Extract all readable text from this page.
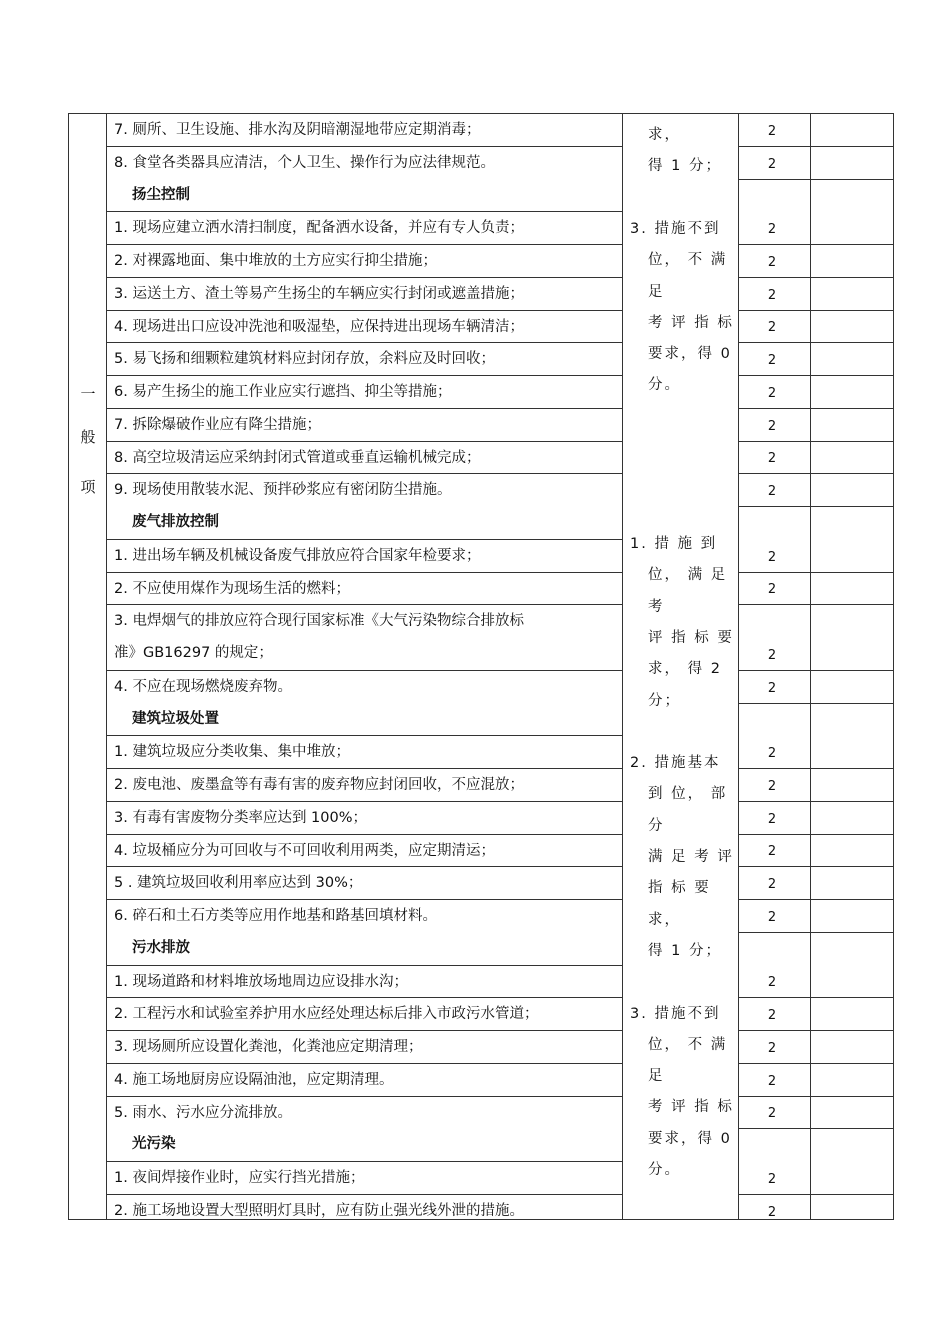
7. 厕所、卫生设施、排水沟及阴暗潮湿地带应定期消毒；
8. 食堂各类器具应清洁，个人卫生、操作行为应法律规范。
扬尘控制
1. 现场应建立洒水清扫制度，配备洒水设备，并应有专人负责；
2. 对裸露地面、集中堆放的土方应实行抑尘措施；
3. 运送土方、渣土等易产生扬尘的车辆应实行封闭或遮盖措施；
4. 现场进出口应设冲洗池和吸湿垫，应保持进出现场车辆清洁；
5. 易飞扬和细颗粒建筑材料应封闭存放，余料应及时回收；
6. 易产生扬尘的施工作业应实行遮挡、抑尘等措施；
7. 拆除爆破作业应有降尘措施；
8. 高空垃圾清运应采纳封闭式管道或垂直运输机械完成；
9. 现场使用散装水泥、预拌砂浆应有密闭防尘措施。
废气排放控制
1. 进出场车辆及机械设备废气排放应符合国家年检要求；
2. 不应使用煤作为现场生活的燃料；
3. 电焊烟气的排放应符合现行国家标准《大气污染物综合排放标
准》GB16297 的规定；
4. 不应在现场燃烧废弃物。
建筑垃圾处置
1. 建筑垃圾应分类收集、集中堆放；
2. 废电池、废墨盒等有毒有害的废弃物应封闭回收，不应混放；
3. 有毒有害废物分类率应达到 100%；
4. 垃圾桶应分为可回收与不可回收利用两类，应定期清运；
5 . 建筑垃圾回收利用率应达到 30%；
6. 碎石和土石方类等应用作地基和路基回填材料。
污水排放
1. 现场道路和材料堆放场地周边应设排水沟；
2. 工程污水和试验室养护用水应经处理达标后排入市政污水管道；
3. 现场厕所应设置化粪池，化粪池应定期清理；
4. 施工场地厨房应设隔油池，应定期清理。
5. 雨水、污水应分流排放。
光污染
1. 夜间焊接作业时，应实行挡光措施；
2. 施工场地设置大型照明灯具时，应有防止强光线外泄的措施。
2
2
2
2
2
2
2
2
2
2
2
2
2
2
2
2
2
2
2
2
2
2
2
2
2
2
2
2
一
般
项
求，
得 1 分；
3. 措施不到
位， 不 满
足
考 评 指 标
要求，得 0
分。
1. 措 施 到
位， 满 足
考
评 指 标 要
求， 得 2
分；
2. 措施基本
到 位， 部
分
满 足 考 评
指 标 要
求，
得 1 分；
3. 措施不到
位， 不 满
足
考 评 指 标
要求，得 0
分。
